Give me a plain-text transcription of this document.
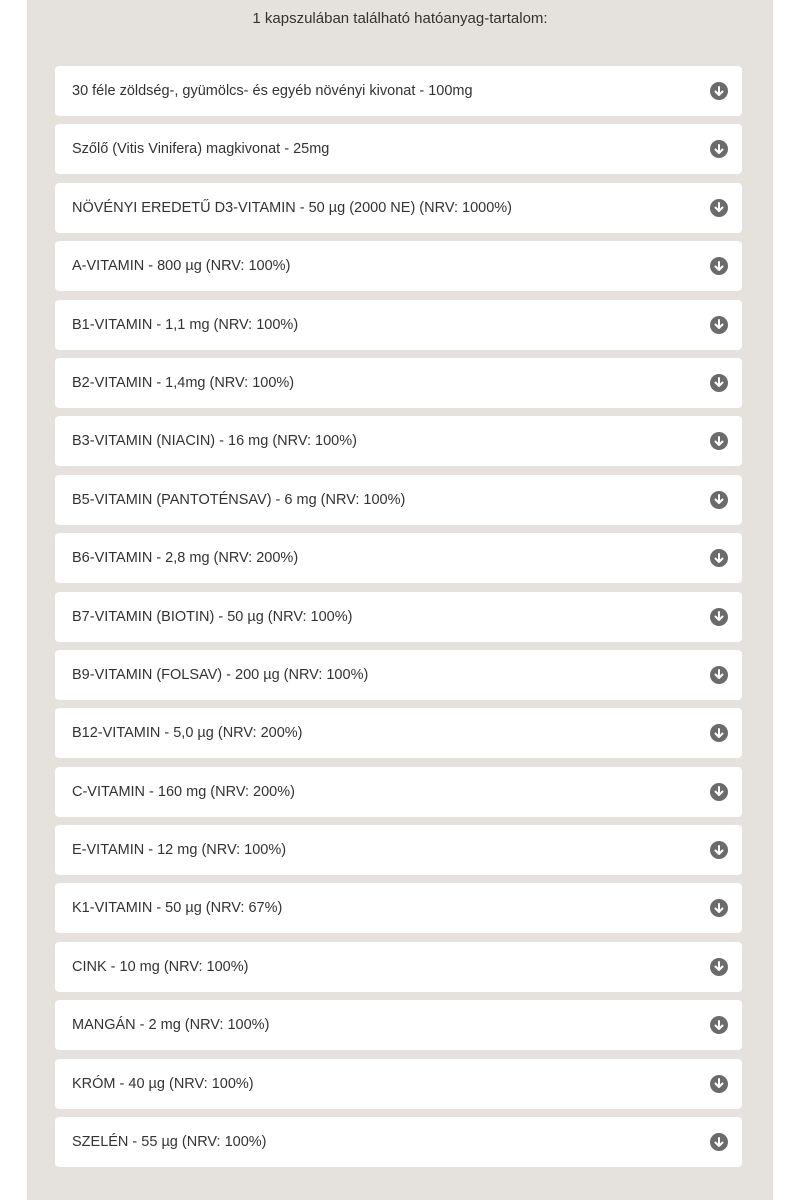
1 kapszulában található hatóanyag-tartalom:
30 féle zöldség-, gyümölcs- és egyéb növényi kivonat - 100mg
Szőlő (Vitis Vinifera) magkivonat - 25mg
NÖVÉNYI EREDETŰ D3-VITAMIN - 50 µg (2000 NE) (NRV: 1000%)
A-VITAMIN - 800 µg (NRV: 100%)
B1-VITAMIN - 1,1 mg (NRV: 100%)
B2-VITAMIN - 1,4mg (NRV: 100%)
B3-VITAMIN (NIACIN) - 16 mg (NRV: 100%)
B5-VITAMIN (PANTOTÉNSAV) - 6 mg (NRV: 100%)
B6-VITAMIN - 2,8 mg (NRV: 200%)
B7-VITAMIN (BIOTIN) - 50 µg (NRV: 100%)
B9-VITAMIN (FOLSAV) - 200 µg (NRV: 100%)
B12-VITAMIN - 5,0 µg (NRV: 200%)
C-VITAMIN - 160 mg (NRV: 200%)
E-VITAMIN - 12 mg (NRV: 100%)
K1-VITAMIN - 50 µg (NRV: 67%)
CINK - 10 mg (NRV: 100%)
MANGÁN - 2 mg (NRV: 100%)
KRÓM - 40 µg (NRV: 100%)
SZELÉN - 55 µg (NRV: 100%)
